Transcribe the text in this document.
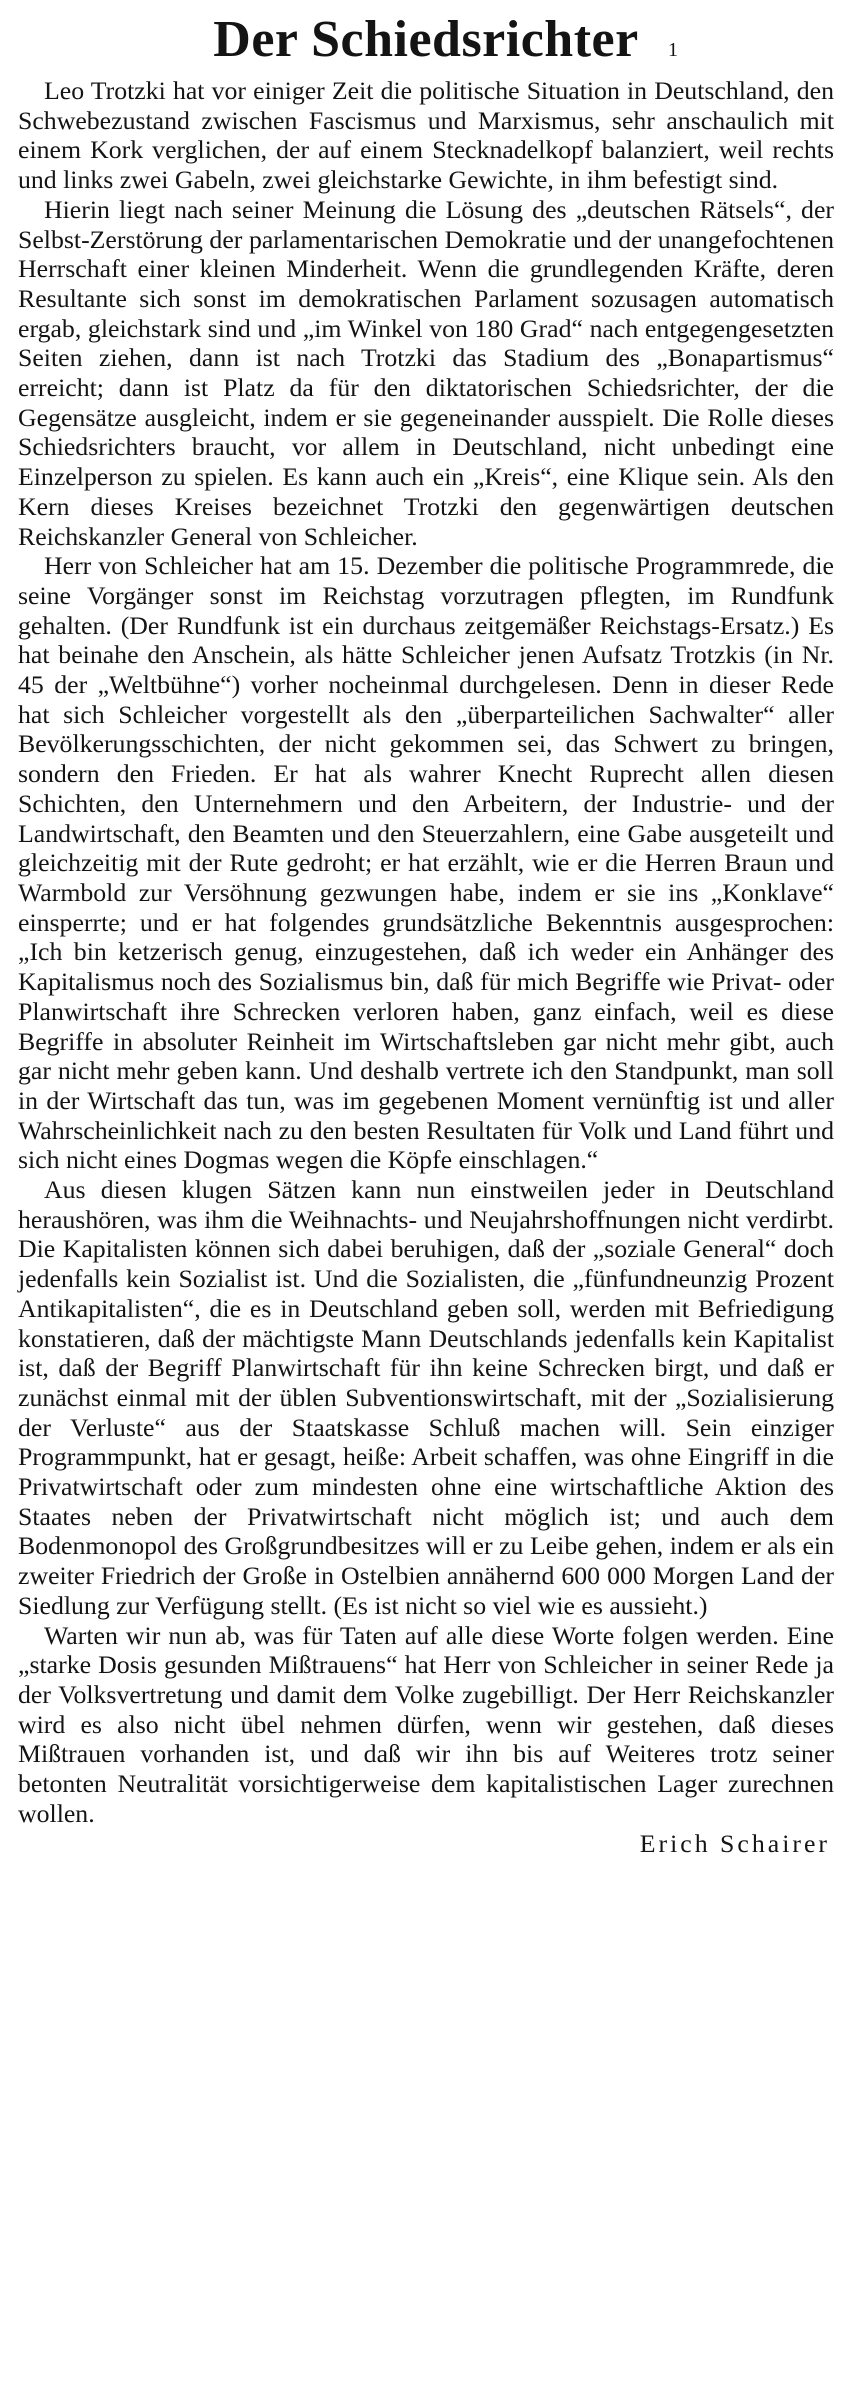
Der Schiedsrichter 1

Leo Trotzki hat vor einiger Zeit die politische Situation in Deutschland, den Schwebezustand zwischen Fascismus und Marxismus, sehr anschaulich mit einem Kork verglichen, der auf einem Stecknadelkopf balanziert, weil rechts und links zwei Gabeln, zwei gleichstarke Gewichte, in ihm befestigt sind.

Hierin liegt nach seiner Meinung die Lösung des „deutschen Rätsels“, der Selbst-Zerstörung der parlamentarischen Demokratie und der unangefochtenen Herrschaft einer kleinen Minderheit. Wenn die grundlegenden Kräfte, deren Resultante sich sonst im demokratischen Parlament sozusagen automatisch ergab, gleichstark sind und „im Winkel von 180 Grad“ nach entgegengesetzten Seiten ziehen, dann ist nach Trotzki das Stadium des „Bonapartismus“ erreicht; dann ist Platz da für den diktatorischen Schiedsrichter, der die Gegensätze ausgleicht, indem er sie gegeneinander ausspielt. Die Rolle dieses Schiedsrichters braucht, vor allem in Deutschland, nicht unbedingt eine Einzelperson zu spielen. Es kann auch ein „Kreis“, eine Klique sein. Als den Kern dieses Kreises bezeichnet Trotzki den gegenwärtigen deutschen Reichskanzler General von Schleicher.

Herr von Schleicher hat am 15. Dezember die politische Programmrede, die seine Vorgänger sonst im Reichstag vorzutragen pflegten, im Rundfunk gehalten. (Der Rundfunk ist ein durchaus zeitgemäßer Reichstags-Ersatz.) Es hat beinahe den Anschein, als hätte Schleicher jenen Aufsatz Trotzkis (in Nr. 45 der „Weltbühne“) vorher nocheinmal durchgelesen. Denn in dieser Rede hat sich Schleicher vorgestellt als den „überparteilichen Sachwalter“ aller Bevölkerungsschichten, der nicht gekommen sei, das Schwert zu bringen, sondern den Frieden. Er hat als wahrer Knecht Ruprecht allen diesen Schichten, den Unternehmern und den Arbeitern, der Industrie- und der Landwirtschaft, den Beamten und den Steuerzahlern, eine Gabe ausgeteilt und gleichzeitig mit der Rute gedroht; er hat erzählt, wie er die Herren Braun und Warmbold zur Versöhnung gezwungen habe, indem er sie ins „Konklave“ einsperrte; und er hat folgendes grundsätzliche Bekenntnis ausgesprochen: „Ich bin ketzerisch genug, einzugestehen, daß ich weder ein Anhänger des Kapitalismus noch des Sozialismus bin, daß für mich Begriffe wie Privat- oder Planwirtschaft ihre Schrecken verloren haben, ganz einfach, weil es diese Begriffe in absoluter Reinheit im Wirtschaftsleben gar nicht mehr gibt, auch gar nicht mehr geben kann. Und deshalb vertrete ich den Standpunkt, man soll in der Wirtschaft das tun, was im gegebenen Moment vernünftig ist und aller Wahrscheinlichkeit nach zu den besten Resultaten für Volk und Land führt und sich nicht eines Dogmas wegen die Köpfe einschlagen.“

Aus diesen klugen Sätzen kann nun einstweilen jeder in Deutschland heraushören, was ihm die Weihnachts- und Neujahrshoffnungen nicht verdirbt. Die Kapitalisten können sich dabei beruhigen, daß der „soziale General“ doch jedenfalls kein Sozialist ist. Und die Sozialisten, die „fünfundneunzig Prozent Antikapitalisten“, die es in Deutschland geben soll, werden mit Befriedigung konstatieren, daß der mächtigste Mann Deutschlands jedenfalls kein Kapitalist ist, daß der Begriff Planwirtschaft für ihn keine Schrecken birgt, und daß er zunächst einmal mit der üblen Subventionswirtschaft, mit der „Sozialisierung der Verluste“ aus der Staatskasse Schluß machen will. Sein einziger Programmpunkt, hat er gesagt, heiße: Arbeit schaffen, was ohne Eingriff in die Privatwirtschaft oder zum mindesten ohne eine wirtschaftliche Aktion des Staates neben der Privatwirtschaft nicht möglich ist; und auch dem Bodenmonopol des Großgrundbesitzes will er zu Leibe gehen, indem er als ein zweiter Friedrich der Große in Ostelbien annähernd 600 000 Morgen Land der Siedlung zur Verfügung stellt. (Es ist nicht so viel wie es aussieht.)

Warten wir nun ab, was für Taten auf alle diese Worte folgen werden. Eine „starke Dosis gesunden Mißtrauens“ hat Herr von Schleicher in seiner Rede ja der Volksvertretung und damit dem Volke zugebilligt. Der Herr Reichskanzler wird es also nicht übel nehmen dürfen, wenn wir gestehen, daß dieses Mißtrauen vorhanden ist, und daß wir ihn bis auf Weiteres trotz seiner betonten Neutralität vorsichtigerweise dem kapitalistischen Lager zurechnen wollen.

Erich Schairer
